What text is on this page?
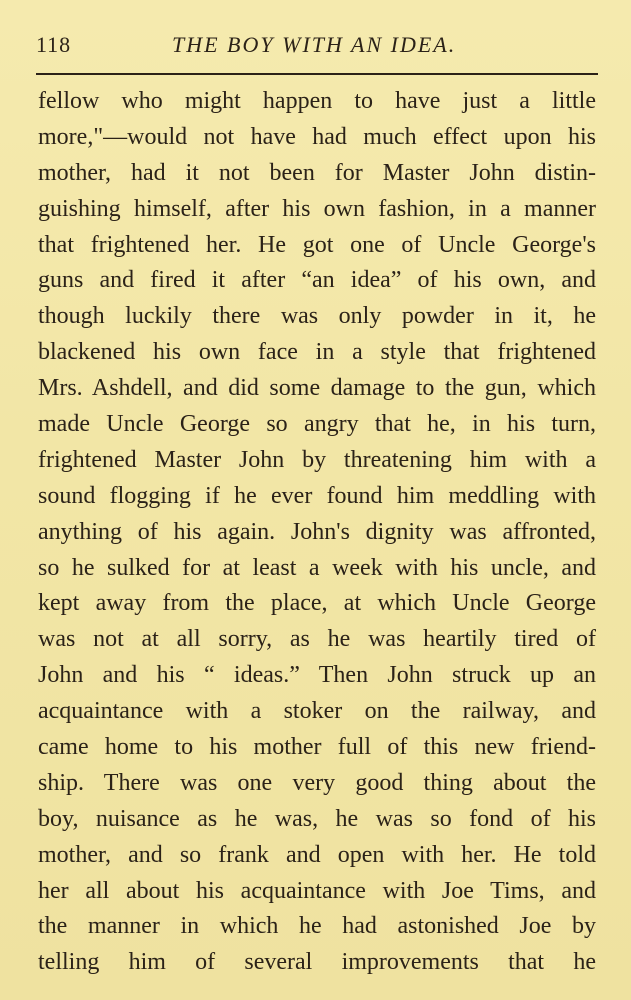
118	THE BOY WITH AN IDEA.
fellow who might happen to have just a little
more,"—would not have had much effect upon his
mother, had it not been for Master John distin-
guishing himself, after his own fashion, in a manner
that frightened her. He got one of Uncle George's
guns and fired it after “an idea” of his own, and
though luckily there was only powder in it, he
blackened his own face in a style that frightened
Mrs. Ashdell, and did some damage to the gun, which
made Uncle George so angry that he, in his turn,
frightened Master John by threatening him with a
sound flogging if he ever found him meddling with
anything of his again. John's dignity was affronted,
so he sulked for at least a week with his uncle, and
kept away from the place, at which Uncle George
was not at all sorry, as he was heartily tired of
John and his “ ideas.” Then John struck up an
acquaintance with a stoker on the railway, and
came home to his mother full of this new friend-
ship. There was one very good thing about the
boy, nuisance as he was, he was so fond of his
mother, and so frank and open with her. He told
her all about his acquaintance with Joe Tims, and
the manner in which he had astonished Joe by
telling him of several improvements that he
